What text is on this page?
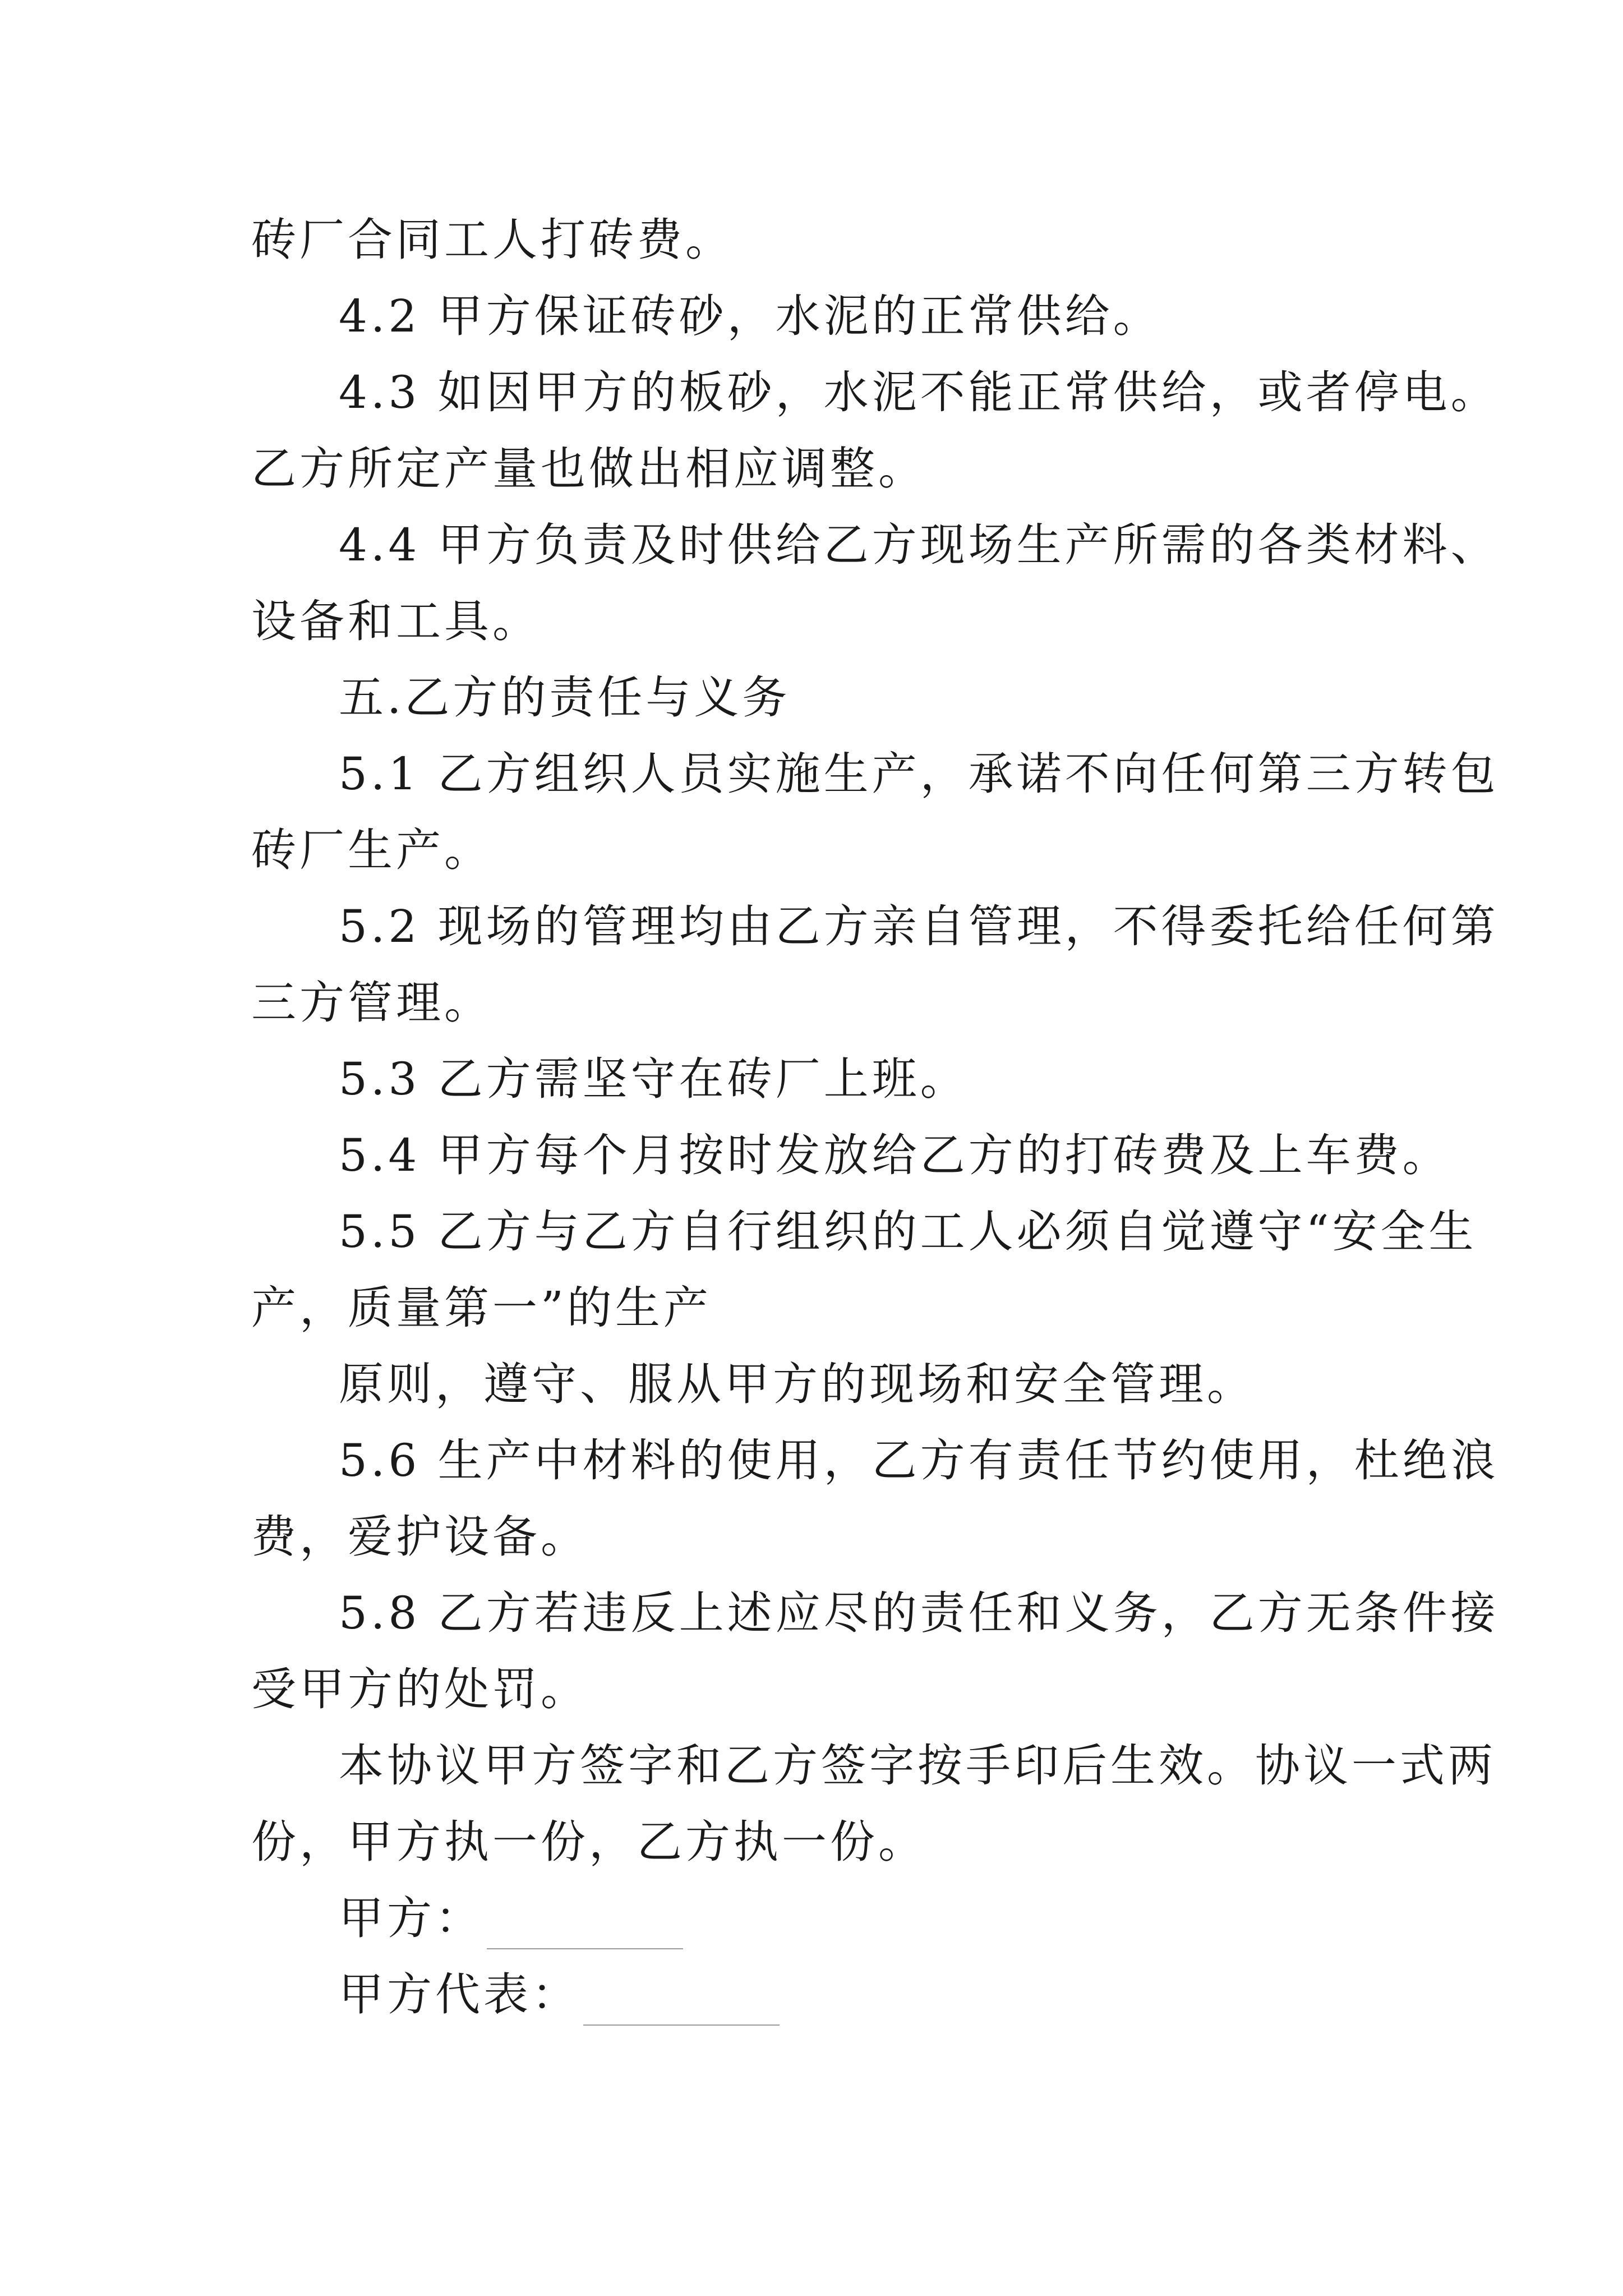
砖厂合同工人打砖费。
4.2 甲方保证砖砂，水泥的正常供给。
4.3 如因甲方的板砂，水泥不能正常供给，或者停电。
乙方所定产量也做出相应调整。
4.4 甲方负责及时供给乙方现场生产所需的各类材料、
设备和工具。
五.乙方的责任与义务
5.1 乙方组织人员实施生产，承诺不向任何第三方转包
砖厂生产。
5.2 现场的管理均由乙方亲自管理，不得委托给任何第
三方管理。
5.3 乙方需坚守在砖厂上班。
5.4 甲方每个月按时发放给乙方的打砖费及上车费。
5.5 乙方与乙方自行组织的工人必须自觉遵守“安全生
产，质量第一”的生产
原则，遵守、服从甲方的现场和安全管理。
5.6 生产中材料的使用，乙方有责任节约使用，杜绝浪
费，爱护设备。
5.8 乙方若违反上述应尽的责任和义务，乙方无条件接
受甲方的处罚。
本协议甲方签字和乙方签字按手印后生效。协议一式两
份，甲方执一份，乙方执一份。
甲方：
甲方代表：
